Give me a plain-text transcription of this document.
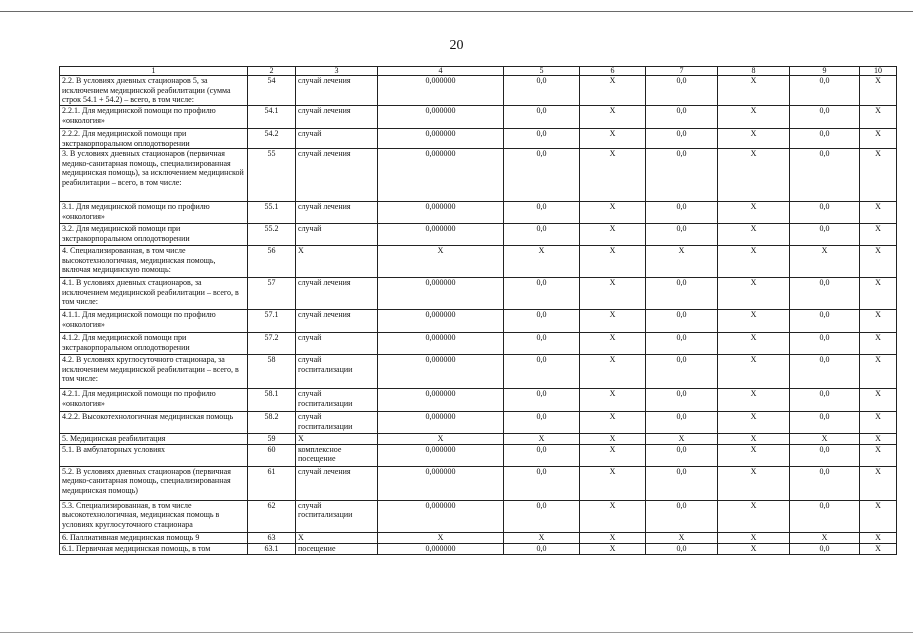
20
1	2	3	4	5	6	7	8	9	10
2.2. В условиях дневных стационаров 5, за исключением медицинской реабилитации (сумма строк 54.1 + 54.2) – всего, в том числе:	54	случай лечения	0,000000	0,0	X	0,0	X	0,0	X
2.2.1. Для медицинской помощи по профилю «онкология»	54.1	случай лечения	0,000000	0,0	X	0,0	X	0,0	X
2.2.2. Для медицинской помощи при экстракорпоральном оплодотворении	54.2	случай	0,000000	0,0	X	0,0	X	0,0	X
3. В условиях дневных стационаров (первичная медико-санитарная помощь, специализированная медицинская помощь), за исключением медицинской реабилитации – всего, в том числе:	55	случай лечения	0,000000	0,0	X	0,0	X	0,0	X
3.1. Для медицинской помощи по профилю «онкология»	55.1	случай лечения	0,000000	0,0	X	0,0	X	0,0	X
3.2. Для медицинской помощи при экстракорпоральном оплодотворении	55.2	случай	0,000000	0,0	X	0,0	X	0,0	X
4. Специализированная, в том числе высокотехнологичная, медицинская помощь, включая медицинскую помощь:	56	X	X	X	X	X	X	X	X
4.1. В условиях дневных стационаров, за исключением медицинской реабилитации – всего, в том числе:	57	случай лечения	0,000000	0,0	X	0,0	X	0,0	X
4.1.1. Для медицинской помощи по профилю «онкология»	57.1	случай лечения	0,000000	0,0	X	0,0	X	0,0	X
4.1.2. Для медицинской помощи при экстракорпоральном оплодотворении	57.2	случай	0,000000	0,0	X	0,0	X	0,0	X
4.2. В условиях круглосуточного стационара, за исключением медицинской реабилитации – всего, в том числе:	58	случай госпитализации	0,000000	0,0	X	0,0	X	0,0	X
4.2.1. Для медицинской помощи по профилю «онкология»	58.1	случай госпитализации	0,000000	0,0	X	0,0	X	0,0	X
4.2.2. Высокотехнологичная медицинская помощь	58.2	случай госпитализации	0,000000	0,0	X	0,0	X	0,0	X
5. Медицинская реабилитация	59	X	X	X	X	X	X	X	X
5.1. В амбулаторных условиях	60	комплексное посещение	0,000000	0,0	X	0,0	X	0,0	X
5.2. В условиях дневных стационаров (первичная медико-санитарная помощь, специализированная медицинская помощь)	61	случай лечения	0,000000	0,0	X	0,0	X	0,0	X
5.3. Специализированная, в том числе высокотехнологичная, медицинская помощь в условиях круглосуточного стационара	62	случай госпитализации	0,000000	0,0	X	0,0	X	0,0	X
6. Паллиативная медицинская помощь 9	63	X	X	X	X	X	X	X	X
6.1. Первичная медицинская помощь, в том	63.1	посещение	0,000000	0,0	X	0,0	X	0,0	X
